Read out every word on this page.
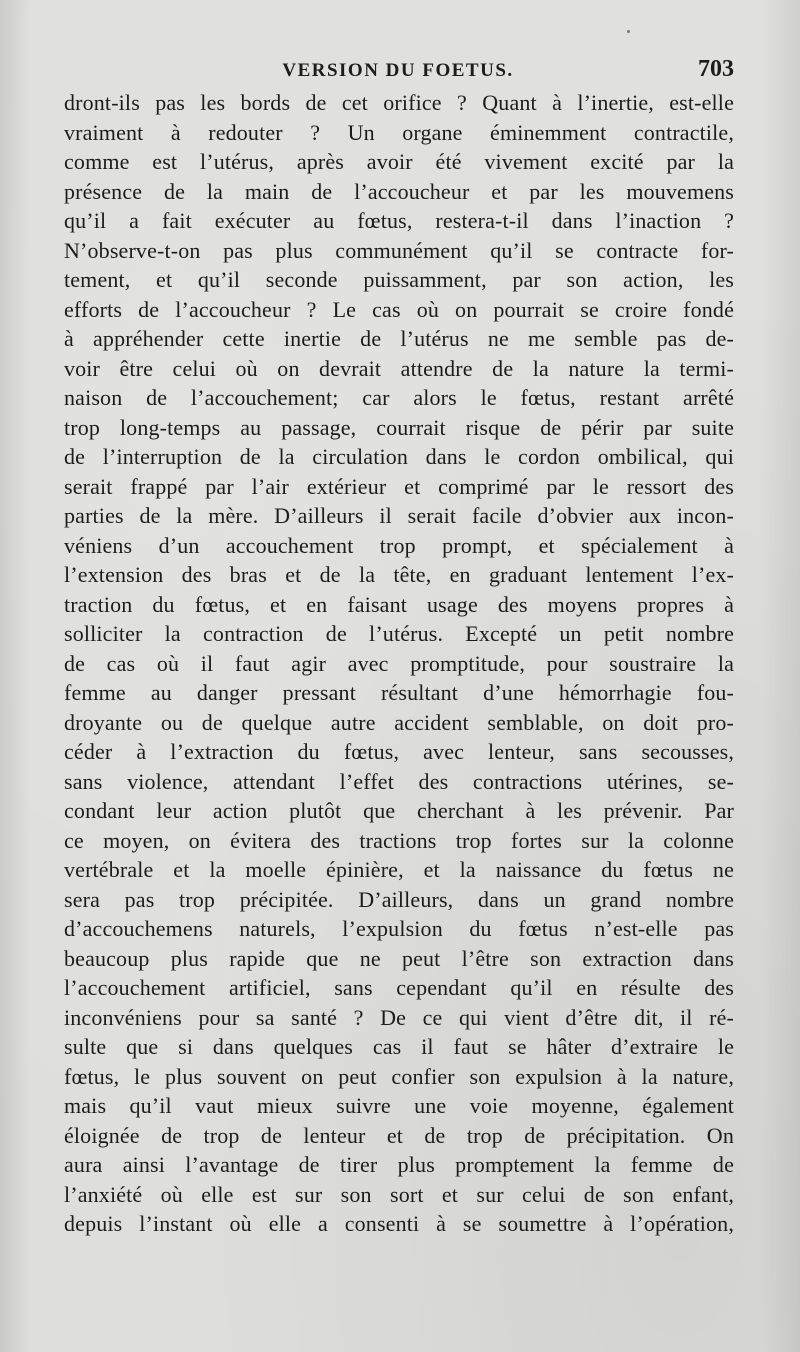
VERSION DU FOETUS.	703
dront-ils pas les bords de cet orifice ? Quant à l’inertie, est-elle
vraiment à redouter ? Un organe éminemment contractile,
comme est l’utérus, après avoir été vivement excité par la
présence de la main de l’accoucheur et par les mouvemens
qu’il a fait exécuter au fœtus, restera-t-il dans l’inaction ?
N’observe-t-on pas plus communément qu’il se contracte for-
tement, et qu’il seconde puissamment, par son action, les
efforts de l’accoucheur ? Le cas où on pourrait se croire fondé
à appréhender cette inertie de l’utérus ne me semble pas de-
voir être celui où on devrait attendre de la nature la termi-
naison de l’accouchement; car alors le fœtus, restant arrêté
trop long-temps au passage, courrait risque de périr par suite
de l’interruption de la circulation dans le cordon ombilical, qui
serait frappé par l’air extérieur et comprimé par le ressort des
parties de la mère. D’ailleurs il serait facile d’obvier aux incon-
véniens d’un accouchement trop prompt, et spécialement à
l’extension des bras et de la tête, en graduant lentement l’ex-
traction du fœtus, et en faisant usage des moyens propres à
solliciter la contraction de l’utérus. Excepté un petit nombre
de cas où il faut agir avec promptitude, pour soustraire la
femme au danger pressant résultant d’une hémorrhagie fou-
droyante ou de quelque autre accident semblable, on doit pro-
céder à l’extraction du fœtus, avec lenteur, sans secousses,
sans violence, attendant l’effet des contractions utérines, se-
condant leur action plutôt que cherchant à les prévenir. Par
ce moyen, on évitera des tractions trop fortes sur la colonne
vertébrale et la moelle épinière, et la naissance du fœtus ne
sera pas trop précipitée. D’ailleurs, dans un grand nombre
d’accouchemens naturels, l’expulsion du fœtus n’est-elle pas
beaucoup plus rapide que ne peut l’être son extraction dans
l’accouchement artificiel, sans cependant qu’il en résulte des
inconvéniens pour sa santé ? De ce qui vient d’être dit, il ré-
sulte que si dans quelques cas il faut se hâter d’extraire le
fœtus, le plus souvent on peut confier son expulsion à la nature,
mais qu’il vaut mieux suivre une voie moyenne, également
éloignée de trop de lenteur et de trop de précipitation. On
aura ainsi l’avantage de tirer plus promptement la femme de
l’anxiété où elle est sur son sort et sur celui de son enfant,
depuis l’instant où elle a consenti à se soumettre à l’opération,
